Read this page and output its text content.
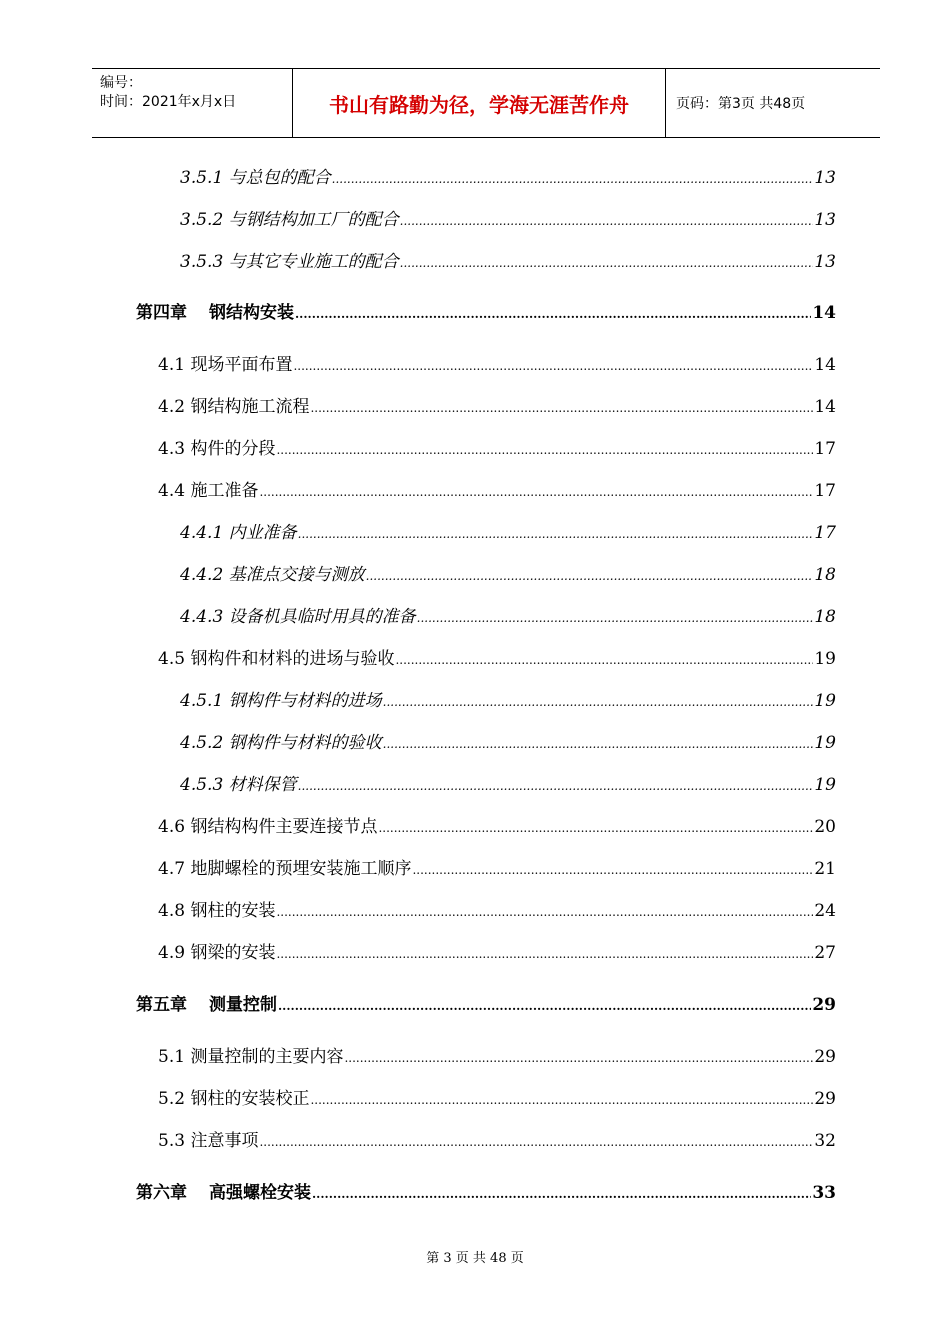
编号：
时间：2021年x月x日	书山有路勤为径，学海无涯苦作舟	页码：第3页 共48页
3.5.1 与总包的配合 .....	13
3.5.2 与钢结构加工厂的配合 .....	13
3.5.3 与其它专业施工的配合 .....	13
第四章 钢结构安装 .....	14
4.1 现场平面布置 .....	14
4.2 钢结构施工流程 .....	14
4.3 构件的分段 .....	17
4.4 施工准备 .....	17
4.4.1 内业准备 .....	17
4.4.2 基准点交接与测放 .....	18
4.4.3 设备机具临时用具的准备 .....	18
4.5 钢构件和材料的进场与验收 .....	19
4.5.1 钢构件与材料的进场 .....	19
4.5.2 钢构件与材料的验收 .....	19
4.5.3 材料保管 .....	19
4.6 钢结构构件主要连接节点 .....	20
4.7 地脚螺栓的预埋安装施工顺序 .....	21
4.8 钢柱的安装 .....	24
4.9 钢梁的安装 .....	27
第五章 测量控制 .....	29
5.1 测量控制的主要内容 .....	29
5.2 钢柱的安装校正 .....	29
5.3 注意事项 .....	32
第六章 高强螺栓安装 .....	33
第 3 页 共 48 页
